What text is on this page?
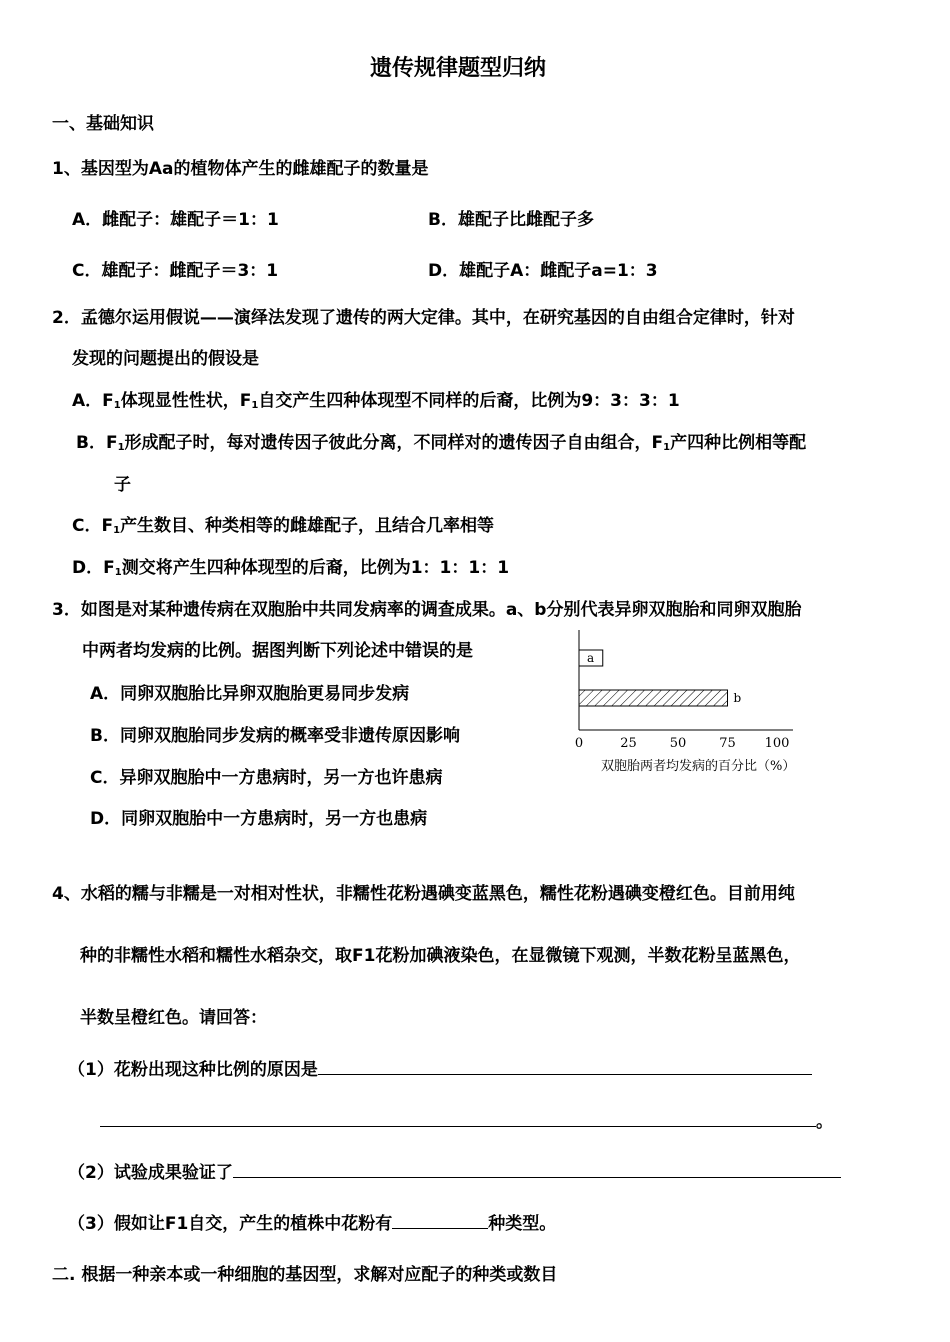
遗传规律题型归纳
一、基础知识
1、基因型为Aa的植物体产生的雌雄配子的数量是
A．雌配子：雄配子＝1：1	B．雄配子比雌配子多
C．雄配子：雌配子＝3：1	D．雄配子A：雌配子a=1：3
2．孟德尔运用假说——演绎法发现了遗传的两大定律。其中，在研究基因的自由组合定律时，针对
发现的问题提出的假设是
A．$F_1$体现显性性状，$F_1$自交产生四种体现型不同样的后裔，比例为9：3：3：1
B．$F_1$形成配子时，每对遗传因子彼此分离，不同样对的遗传因子自由组合，$F_1$产四种比例相等配
子
C．$F_1$产生数目、种类相等的雌雄配子，且结合几率相等
D．$F_1$测交将产生四种体现型的后裔，比例为1：1：1：1
3．如图是对某种遗传病在双胞胎中共同发病率的调查成果。a、b分别代表异卵双胞胎和同卵双胞胎
中两者均发病的比例。据图判断下列论述中错误的是
A．同卵双胞胎比异卵双胞胎更易同步发病
B．同卵双胞胎同步发病的概率受非遗传原因影响
C．异卵双胞胎中一方患病时，另一方也许患病
D．同卵双胞胎中一方患病时，另一方也患病
a
b
0	25	50	75 100
双胞胎两者均发病的百分比（%）
4、水稻的糯与非糯是一对相对性状，非糯性花粉遇碘变蓝黑色，糯性花粉遇碘变橙红色。目前用纯
种的非糯性水稻和糯性水稻杂交，取F1花粉加碘液染色，在显微镜下观测，半数花粉呈蓝黑色，
半数呈橙红色。请回答：
（1）花粉出现这种比例的原因是
。
（2）试验成果验证了
（3）假如让F1自交，产生的植株中花粉有	种类型。
二. 根据一种亲本或一种细胞的基因型，求解对应配子的种类或数目
